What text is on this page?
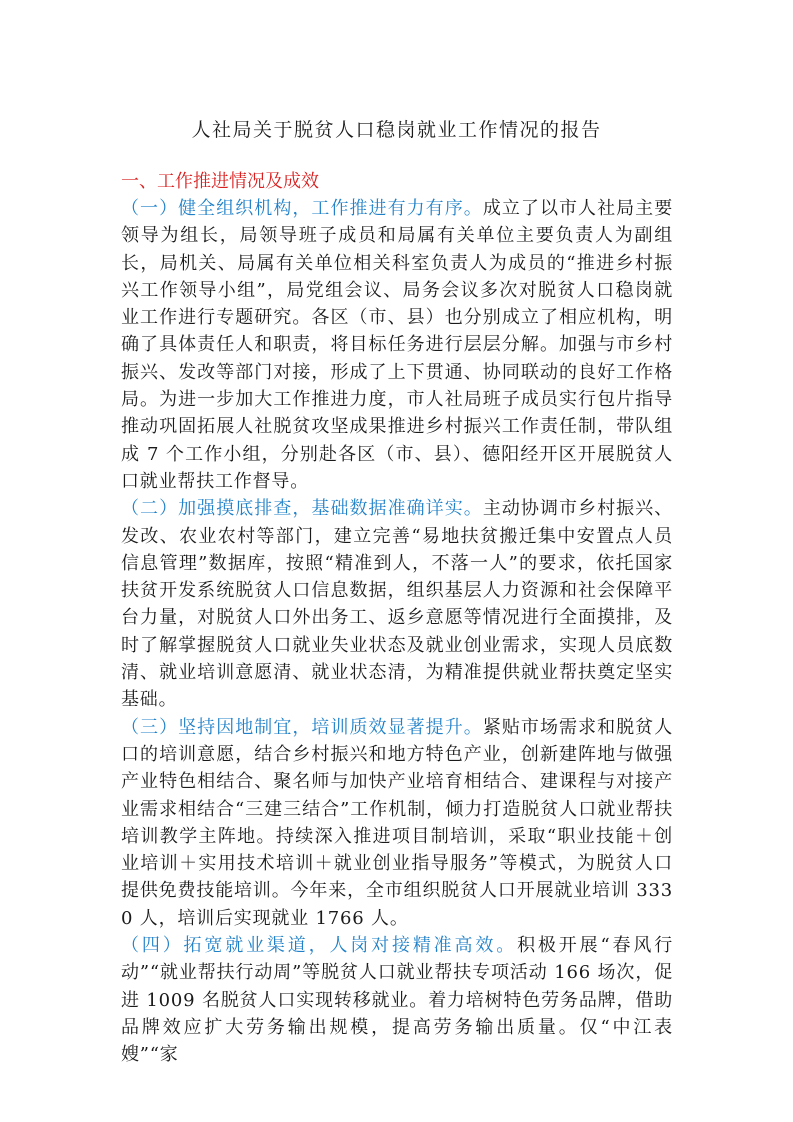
人社局关于脱贫人口稳岗就业工作情况的报告
一、工作推进情况及成效

（一）健全组织机构，工作推进有力有序。成立了以市人社局主要领导为组长，局领导班子成员和局属有关单位主要负责人为副组长，局机关、局属有关单位相关科室负责人为成员的“推进乡村振兴工作领导小组”，局党组会议、局务会议多次对脱贫人口稳岗就业工作进行专题研究。各区（市、县）也分别成立了相应机构，明确了具体责任人和职责，将目标任务进行层层分解。加强与市乡村振兴、发改等部门对接，形成了上下贯通、协同联动的良好工作格局。为进一步加大工作推进力度，市人社局班子成员实行包片指导推动巩固拓展人社脱贫攻坚成果推进乡村振兴工作责任制，带队组成 7 个工作小组，分别赴各区（市、县）、德阳经开区开展脱贫人口就业帮扶工作督导。

（二）加强摸底排查，基础数据准确详实。主动协调市乡村振兴、发改、农业农村等部门，建立完善“易地扶贫搬迁集中安置点人员信息管理”数据库，按照“精准到人，不落一人”的要求，依托国家扶贫开发系统脱贫人口信息数据，组织基层人力资源和社会保障平台力量，对脱贫人口外出务工、返乡意愿等情况进行全面摸排，及时了解掌握脱贫人口就业失业状态及就业创业需求，实现人员底数清、就业培训意愿清、就业状态清，为精准提供就业帮扶奠定坚实基础。

（三）坚持因地制宜，培训质效显著提升。紧贴市场需求和脱贫人口的培训意愿，结合乡村振兴和地方特色产业，创新建阵地与做强产业特色相结合、聚名师与加快产业培育相结合、建课程与对接产业需求相结合“三建三结合”工作机制，倾力打造脱贫人口就业帮扶培训教学主阵地。持续深入推进项目制培训，采取“职业技能＋创业培训＋实用技术培训＋就业创业指导服务”等模式，为脱贫人口提供免费技能培训。今年来，全市组织脱贫人口开展就业培训 3330 人，培训后实现就业 1766 人。

（四）拓宽就业渠道，人岗对接精准高效。积极开展“春风行动”“就业帮扶行动周”等脱贫人口就业帮扶专项活动 166 场次，促进 1009 名脱贫人口实现转移就业。着力培树特色劳务品牌，借助品牌效应扩大劳务输出规模，提高劳务输出质量。仅“中江表嫂”“家
